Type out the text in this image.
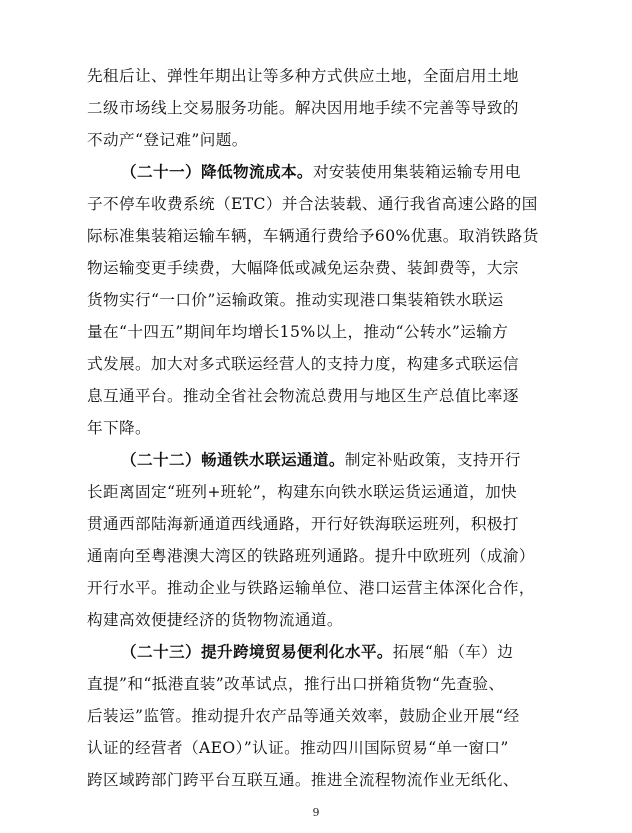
先租后让、弹性年期出让等多种方式供应土地，全面启用土地
二级市场线上交易服务功能。解决因用地手续不完善等导致的
不动产“登记难”问题。
（二十一）降低物流成本。对安装使用集装箱运输专用电
子不停车收费系统（ETC）并合法装载、通行我省高速公路的国
际标准集装箱运输车辆，车辆通行费给予60%优惠。取消铁路货
物运输变更手续费，大幅降低或减免运杂费、装卸费等，大宗
货物实行“一口价”运输政策。推动实现港口集装箱铁水联运
量在“十四五”期间年均增长15%以上，推动“公转水”运输方
式发展。加大对多式联运经营人的支持力度，构建多式联运信
息互通平台。推动全省社会物流总费用与地区生产总值比率逐
年下降。
（二十二）畅通铁水联运通道。制定补贴政策，支持开行
长距离固定“班列+班轮”，构建东向铁水联运货运通道，加快
贯通西部陆海新通道西线通路，开行好铁海联运班列，积极打
通南向至粤港澳大湾区的铁路班列通路。提升中欧班列（成渝）
开行水平。推动企业与铁路运输单位、港口运营主体深化合作，
构建高效便捷经济的货物物流通道。
（二十三）提升跨境贸易便利化水平。拓展“船（车）边
直提”和“抵港直装”改革试点，推行出口拼箱货物“先查验、
后装运”监管。推动提升农产品等通关效率，鼓励企业开展“经
认证的经营者（AEO）”认证。推动四川国际贸易“单一窗口”
跨区域跨部门跨平台互联互通。推进全流程物流作业无纸化、
9
